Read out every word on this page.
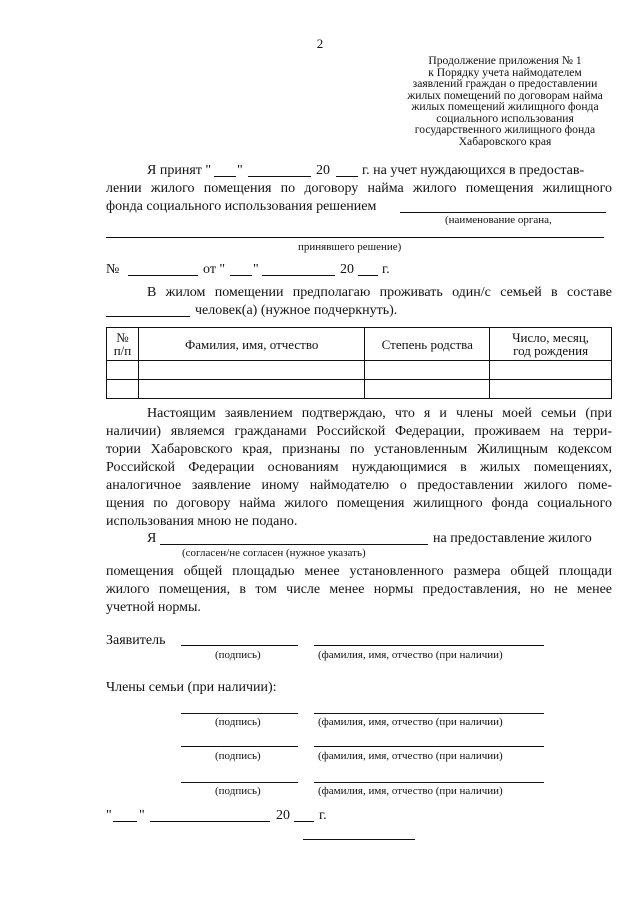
2
Продолжение приложения № 1
к Порядку учета наймодателем
заявлений граждан о предоставлении
жилых помещений по договорам найма
жилых помещений жилищного фонда
социального использования
государственного жилищного фонда
Хабаровского края
Я принят " "	20 г. на учет нуждающихся в предостав-
лении жилого помещения по договору найма жилого помещения жилищного
фонда социального использования решением
(наименование органа,
принявшего решение)
№	от " "	20 г.
В жилом помещении предполагаю проживать один/с семьей в составе
человек(а) (нужное подчеркнуть).
№
п/п	Фамилия, имя, отчество	Степень родства	Число, месяц,
год рождения

Настоящим заявлением подтверждаю, что я и члены моей семьи (при
наличии) являемся гражданами Российской Федерации, проживаем на терри-
тории Хабаровского края, признаны по установленным Жилищным кодексом
Российской Федерации основаниям нуждающимися в жилых помещениях,
аналогичное заявление иному наймодателю о предоставлении жилого поме-
щения по договору найма жилого помещения жилищного фонда социального
использования мною не подано.
Я	на предоставление жилого
(согласен/не согласен (нужное указать)
помещения общей площадью менее установленного размера общей площади
жилого помещения, в том числе менее нормы предоставления, но не менее
учетной нормы.
Заявитель
(подпись)	(фамилия, имя, отчество (при наличии)
Члены семьи (при наличии):
(подпись)	(фамилия, имя, отчество (при наличии)
(подпись)	(фамилия, имя, отчество (при наличии)
(подпись)	(фамилия, имя, отчество (при наличии)
" "	20 г.
